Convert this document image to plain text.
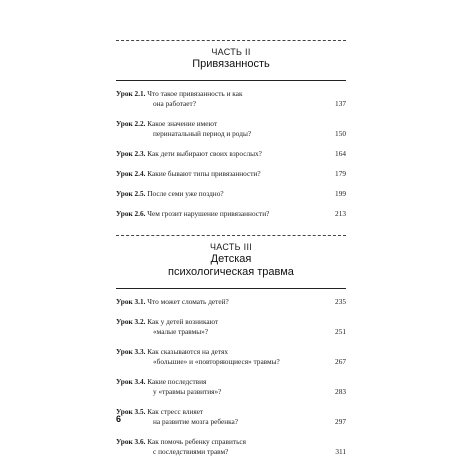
ЧАСТЬ II
Привязанность
Урок 2.1. Что такое привязанность и как
она работает?	137
Урок 2.2. Какое значение имеют
перинатальный период и роды?	150
Урок 2.3. Как дети выбирают своих взрослых?	164
Урок 2.4. Какие бывают типы привязанности?	179
Урок 2.5. После семи уже поздно?	199
Урок 2.6. Чем грозит нарушение привязанности?	213
ЧАСТЬ III
Детская
психологическая травма
Урок 3.1. Что может сломать детей?	235
Урок 3.2. Как у детей возникают
«малые травмы»?	251
Урок 3.3. Как сказываются на детях
«большие» и «повторяющиеся» травмы?	267
Урок 3.4. Какие последствия
у «травмы развития»?	283
Урок 3.5. Как стресс влияет
на развитие мозга ребенка?	297
Урок 3.6. Как помочь ребенку справиться
с последствиями травм?	311
6
